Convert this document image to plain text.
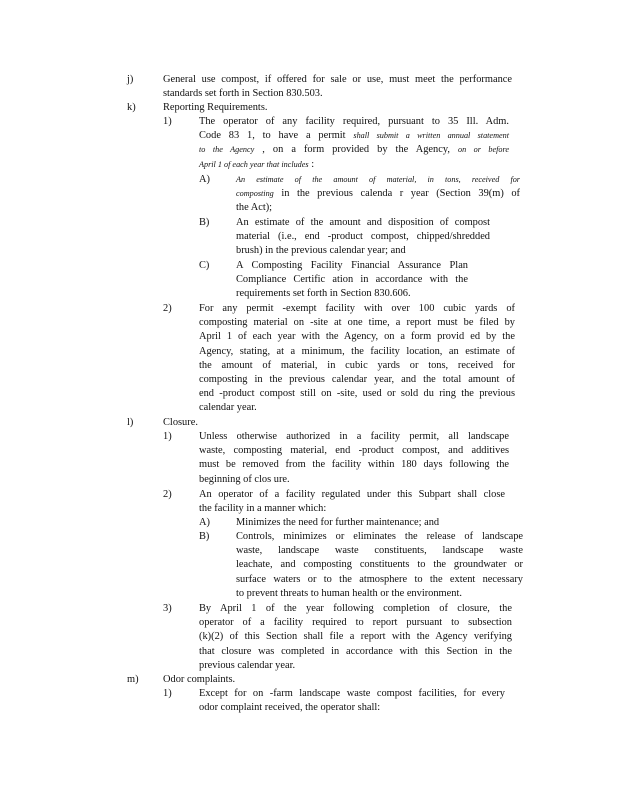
j)	General use compost, if offered for sale or use, must meet the performance
standards set forth in Section 830.503.
k)	Reporting Requirements.
1)	The operator of any facility required, pursuant to 35 Ill. Adm.
Code 83 1, to have a permit shall submit a written annual statement
to the Agency , on a form provided by the Agency, on or before
April 1 of each year that includes :
A)	An estimate of the amount of material, in tons, received for
composting in the previous calenda r year (Section 39(m) of
the Act);
B)	An estimate of the amount and disposition of compost
material (i.e., end -product compost, chipped/shredded
brush) in the previous calendar year; and
C)	A Composting Facility Financial Assurance Plan
Compliance Certific ation in accordance with the
requirements set forth in Section 830.606.
2)	For any permit -exempt facility with over 100 cubic yards of
composting material on -site at one time, a report must be filed by
April 1 of each year with the Agency, on a form provid ed by the
Agency, stating, at a minimum, the facility location, an estimate of
the amount of material, in cubic yards or tons, received for
composting in the previous calendar year, and the total amount of
end -product compost still on -site, used or sold du ring the previous
calendar year.
l)	Closure.
1)	Unless otherwise authorized in a facility permit, all landscape
waste, composting material, end -product compost, and additives
must be removed from the facility within 180 days following the
beginning of clos ure.
2)	An operator of a facility regulated under this Subpart shall close
the facility in a manner which:
A)	Minimizes the need for further maintenance; and
B)	Controls, minimizes or eliminates the release of landscape
waste, landscape waste constituents, landscape waste
leachate, and composting constituents to the groundwater or
surface waters or to the atmosphere to the extent necessary
to prevent threats to human health or the environment.
3)	By April 1 of the year following completion of closure, the
operator of a facility required to report pursuant to subsection
(k)(2) of this Section shall file a report with the Agency verifying
that closure was completed in accordance with this Section in the
previous calendar year.
m) Odor complaints.
1)	Except for on -farm landscape waste compost facilities, for every
odor complaint received, the operator shall:
